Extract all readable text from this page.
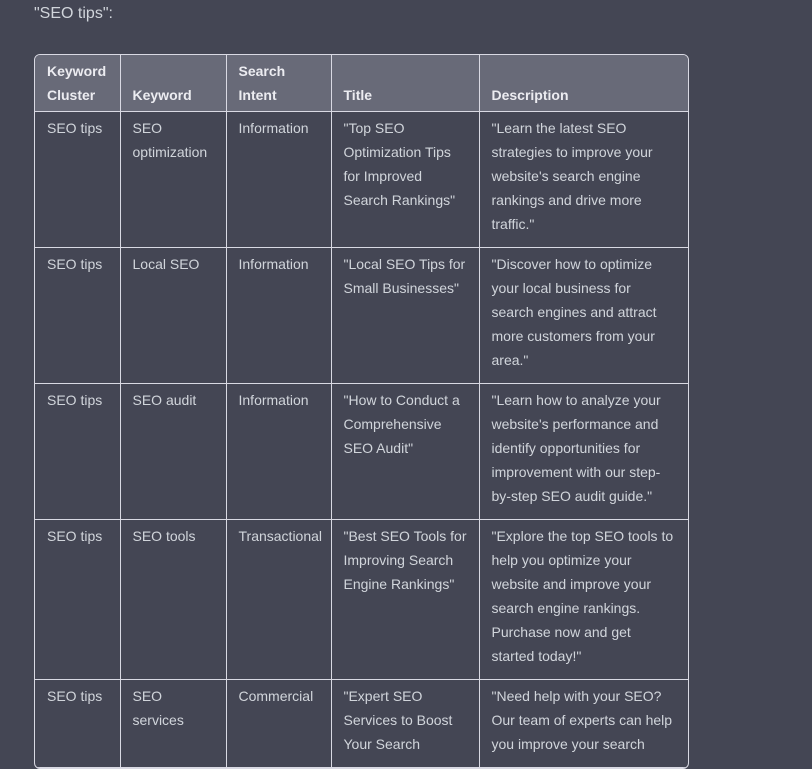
"SEO tips":

Keyword Cluster	Keyword	Search Intent	Title	Description
SEO tips	SEO optimization	Information	"Top SEO Optimization Tips for Improved Search Rankings"	"Learn the latest SEO strategies to improve your website's search engine rankings and drive more traffic."
SEO tips	Local SEO	Information	"Local SEO Tips for Small Businesses"	"Discover how to optimize your local business for search engines and attract more customers from your area."
SEO tips	SEO audit	Information	"How to Conduct a Comprehensive SEO Audit"	"Learn how to analyze your website's performance and identify opportunities for improvement with our step-by-step SEO audit guide."
SEO tips	SEO tools	Transactional	"Best SEO Tools for Improving Search Engine Rankings"	"Explore the top SEO tools to help you optimize your website and improve your search engine rankings. Purchase now and get started today!"
SEO tips	SEO services	Commercial	"Expert SEO Services to Boost Your Search	"Need help with your SEO? Our team of experts can help you improve your search
